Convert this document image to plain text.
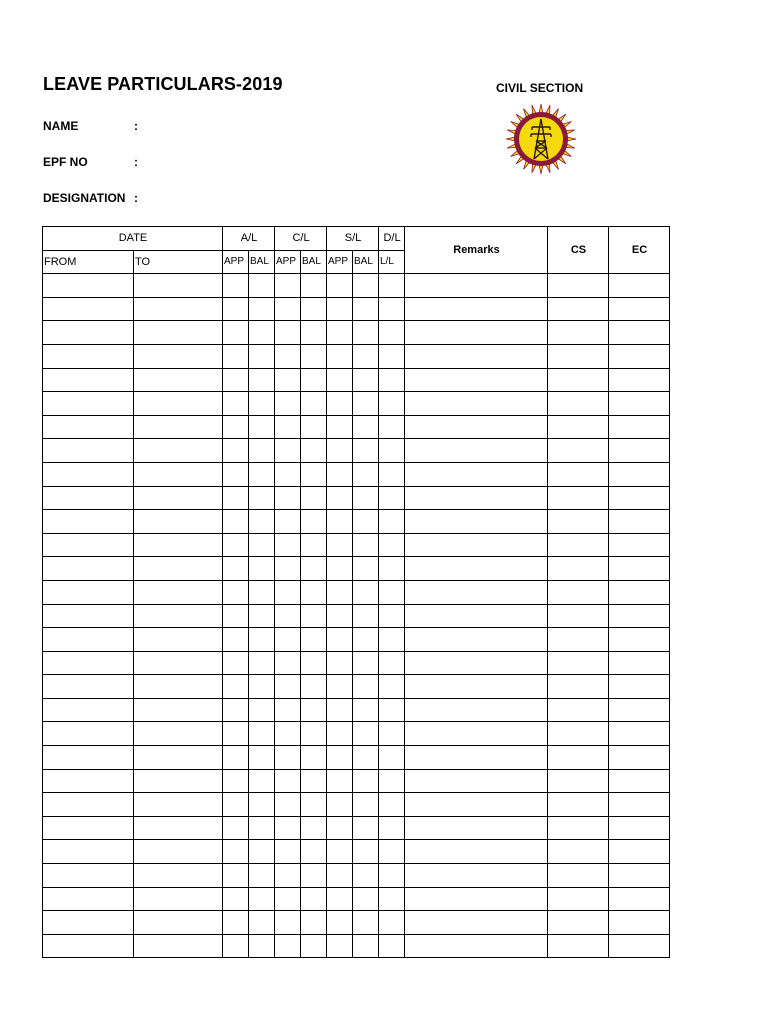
LEAVE PARTICULARS-2019	CIVIL SECTION
NAME	:
EPF NO	:
DESIGNATION :
DATE		A/L		C/L		S/L		D/L	Remarks	CS	EC
FROM	TO	APP	BAL	APP	BAL	APP	BAL	L/L			
